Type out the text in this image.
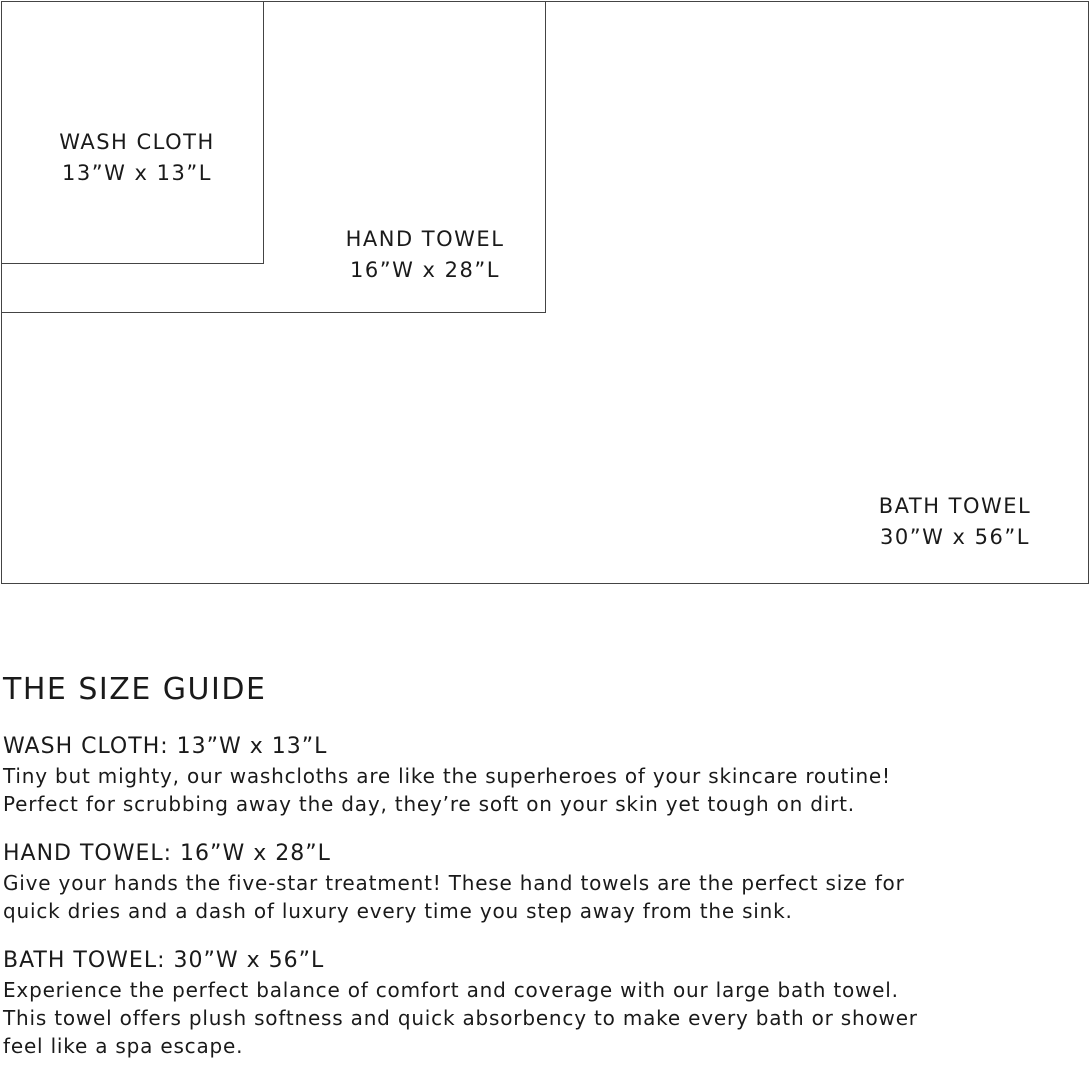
WASH CLOTH
13”W x 13”L
HAND TOWEL
16”W x 28”L
BATH TOWEL
30”W x 56”L
THE SIZE GUIDE
WASH CLOTH: 13”W x 13”L
Tiny but mighty, our washcloths are like the superheroes of your skincare routine!
Perfect for scrubbing away the day, they’re soft on your skin yet tough on dirt.
HAND TOWEL: 16”W x 28”L
Give your hands the five-star treatment! These hand towels are the perfect size for
quick dries and a dash of luxury every time you step away from the sink.
BATH TOWEL: 30”W x 56”L
Experience the perfect balance of comfort and coverage with our large bath towel.
This towel offers plush softness and quick absorbency to make every bath or shower
feel like a spa escape.
